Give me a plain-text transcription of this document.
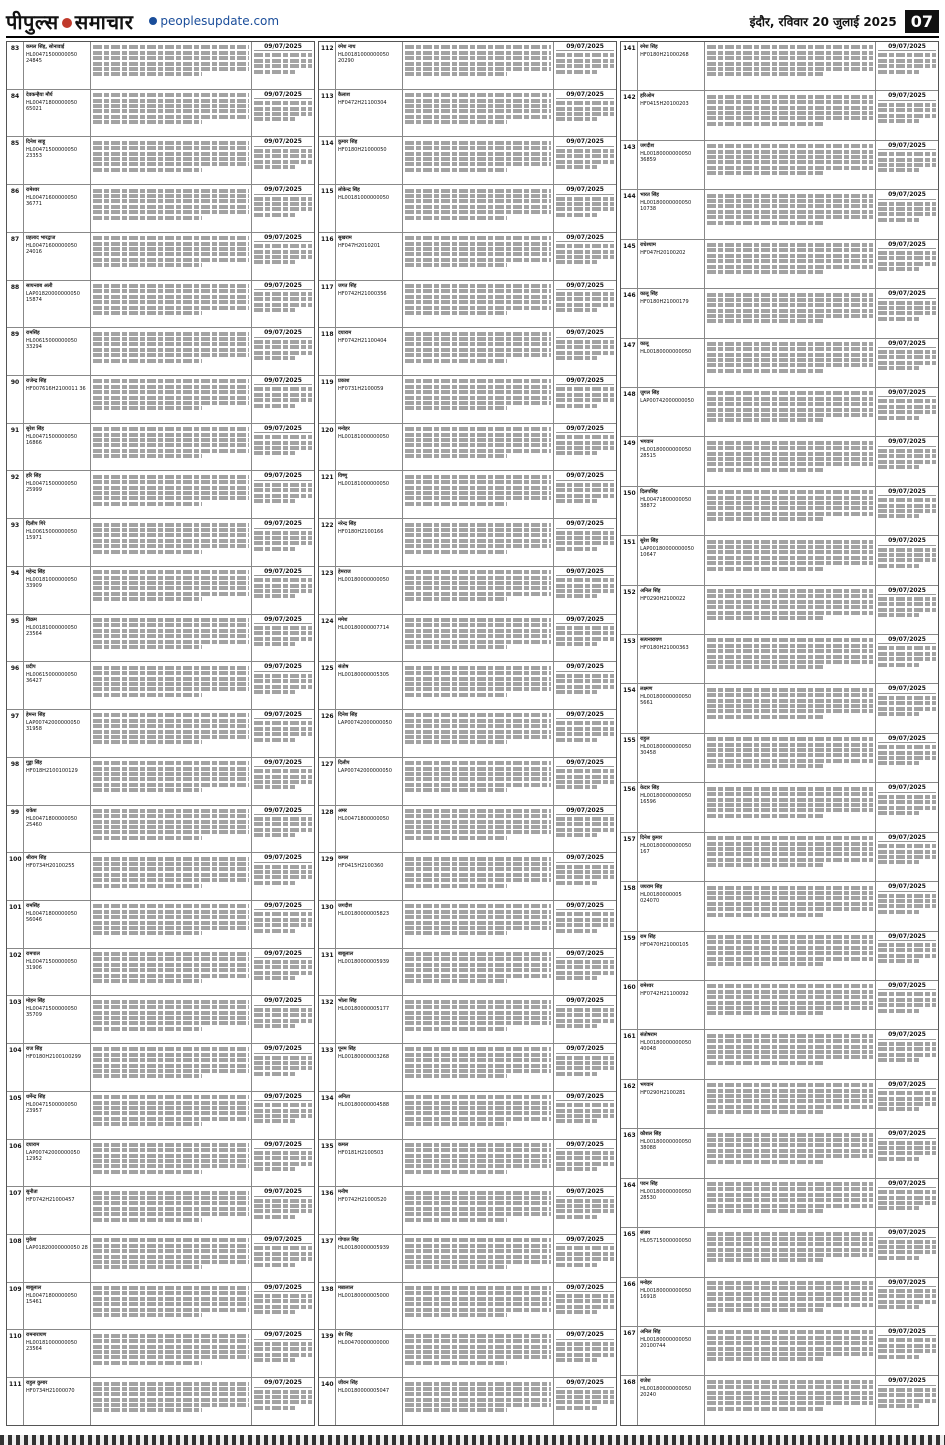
पीपुल्स समाचार peoplesupdate.com	इंदौर, रविवार 20 जुलाई 2025 07
83	कमल सिंह, सोनावाई
HL00471500000050 24845
09/07/2025
84	देवकन्हैया मौर्य
HL00471800000050 65021
09/07/2025
85	दिनेश साहू
HL00471500000050 23353
09/07/2025
86	रामेश्वर
HL00471600000050 36771
09/07/2025
87	प्रहलाद भारद्वाज
HL00471600000050 24016
09/07/2025
88	सायन्ताब अली
LAP01820000000050 15874
09/07/2025
89	रामसिंह
HL00615000000050 33294
09/07/2025
90	राजेन्द्र सिंह
HF007616H2100011 36
09/07/2025
91	सुरेश सिंह
HL00471500000050 16866
09/07/2025
92	हरि सिंह
HL00471500000050 25999
09/07/2025
93	दिलीप गिरे
HL00615000000050 15971
09/07/2025
94	महेन्द्र सिंह
HL00181000000050 33909
09/07/2025
95	विक्रम
HL00181000000050 23564
09/07/2025
96	प्रदीप
HL00615000000050 36427
09/07/2025
97	हेमन्त सिंह
LAP00742000000050 31958
09/07/2025
98	गुड्डा सिंह
HF018H2100100129
09/07/2025
99	राकेश
HL00471800000050 25460
09/07/2025
100 श्रीराम सिंह
HF0734H20100255
09/07/2025
101 रामसिंह
HL00471800000050 56046
09/07/2025
102 रामपाल
HL00471500000050 31906
09/07/2025
103 मोहन सिंह
HL00471500000050 35709
09/07/2025
104 राज सिंह
HF0180H2100100299
09/07/2025
105 धर्मेन्द्र सिंह
HL00471500000050 23957
09/07/2025
106 दयाराम
LAP00742000000050 12952
09/07/2025
107 सुनीता
HF0742H21000457
09/07/2025
108 मुकेश
LAP01820000000050 28
09/07/2025
109 बाबूलाल
HL00471800000050 15461
09/07/2025
110 रामनारायण
HL00181000000050 23564
09/07/2025
111 राहुल कुमार
HF0734H21000070
09/07/2025
112 रमेश नाथ
HL00181000000050 20290
09/07/2025
113 कैलाश
HF0472H21100304
09/07/2025
114 कुमार सिंह
HF0180H21000050
09/07/2025
115 लोकेन्द्र सिंह
HL00181000000050
09/07/2025
116 सुखराम
HF047H2010201
09/07/2025
117 जगत सिंह
HF0742H21000356
09/07/2025
118 दयाराम
HF0742H21100404
09/07/2025
119 प्रकाश
HF0731H2100059
09/07/2025
120 मनोहर
HL00181000000050
09/07/2025
121 विष्णु
HL00181000000050
09/07/2025
122 नरेन्द्र सिंह
HF0180H2100166
09/07/2025
123 हेमराज
HL00180000000050
09/07/2025
124 ममेश
HL00180000007714
09/07/2025
125 संतोष
HL00180000005305
09/07/2025
126 दिनेश सिंह
LAP00742000000050
09/07/2025
127 दिलीप
LAP00742000000050
09/07/2025
128 अमर
HL00471800000050
09/07/2025
129 कमल
HF0415H2100360
09/07/2025
130 जगदीश
HL00180000005823
09/07/2025
131 बाबूलाल
HL00180000005939
09/07/2025
132 भोला सिंह
HL00180000005177
09/07/2025
133 पूनम सिंह
HL00180000003268
09/07/2025
134 अनिता
HL00180000004588
09/07/2025
135 कमल
HF0181H2100503
09/07/2025
136 मनीष
HF0742H21000520
09/07/2025
137 गोपाल सिंह
HL00180000005939
09/07/2025
138 मन्नालाल
HL00180000005000
09/07/2025
139 शेर सिंह
HL00470000000000
09/07/2025
140 जीवन सिंह
HL00180000005047
09/07/2025
141 रमेश सिंह
HF0180H21000268
09/07/2025
142 हरिओम
HF0415H20100203
09/07/2025
143 जगदीश
HL00180000000050 36859
09/07/2025
144 भारत सिंह
HL00180000000050 10738
09/07/2025
145 राधेश्याम
HF047H20100202
09/07/2025
146 कालू सिंह
HF0180H21000179
09/07/2025
147 कालू
HL00180000000050
09/07/2025
148 जुगल सिंह
LAP00742000000050
09/07/2025
149 भगवान
HL00180000000050 28515
09/07/2025
150 दिलपसिंह
HL00471800000050 38872
09/07/2025
151 सुरेश सिंह
LAP00180000000050 10647
09/07/2025
152 अनिल सिंह
HF0290H2100022
09/07/2025
153 सत्यनारायण
HF0180H21000363
09/07/2025
154 लक्ष्मण
HL00180000000050 5661
09/07/2025
155 राहुल
HL00180000000050 30458
09/07/2025
156 केदार सिंह
HL00180000000050 16596
09/07/2025
157 दिनेश कुमार
HL00180000000050 167
09/07/2025
158 जयराम सिंह
HL00180000005 024070
09/07/2025
159 राम सिंह
HF0470H21000105
09/07/2025
160 रामेश्वर
HF0742H21100092
09/07/2025
161 संतोषराम
HL00180000000050 40048
09/07/2025
162 भगवान
HF0290H2100281
09/07/2025
163 कौशल सिंह
HL00180000000050 38088
09/07/2025
164 पवन सिंह
HL00180000000050 28530
09/07/2025
165 संजय
HL05715000000050
09/07/2025
166 मनोहर
HL00180000000050 16918
09/07/2025
167 अनिल सिंह
HL00180000000050 20100744
09/07/2025
168 राजेश
HL00180000000050 20240
09/07/2025
